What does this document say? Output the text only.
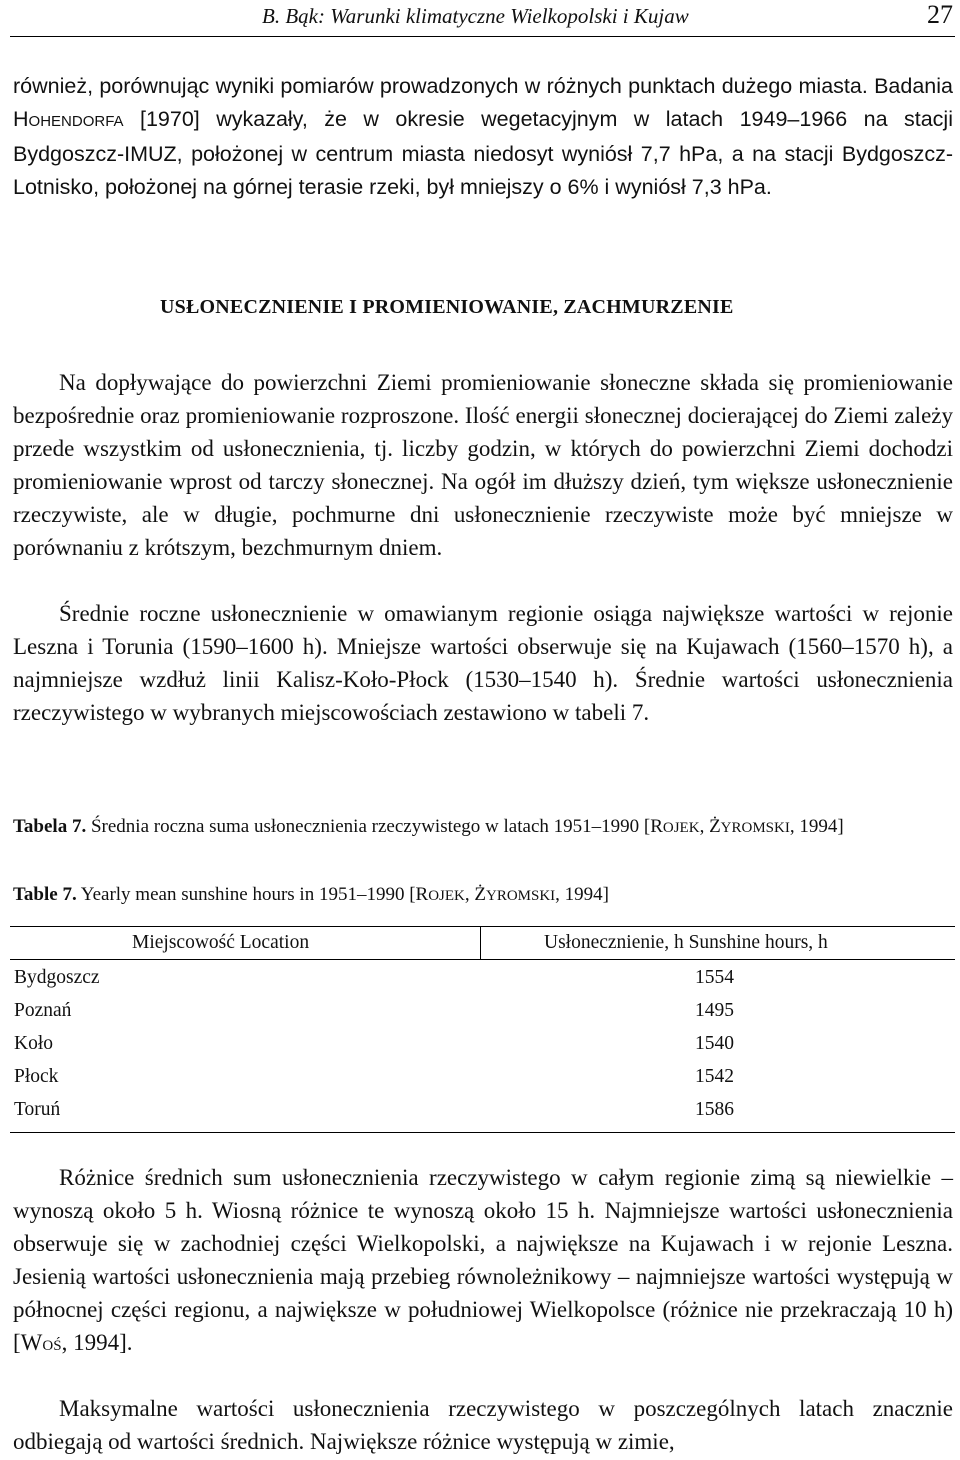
B. Bąk: Warunki klimatyczne Wielkopolski i Kujaw	27

również, porównując wyniki pomiarów prowadzonych w różnych punktach dużego miasta. Badania HOHENDORFA [1970] wykazały, że w okresie wegetacyjnym w latach 1949–1966 na stacji Bydgoszcz-IMUZ, położonej w centrum miasta niedosyt wyniósł 7,7 hPa, a na stacji Bydgoszcz-Lotnisko, położonej na górnej terasie rzeki, był mniejszy o 6% i wyniósł 7,3 hPa.

USŁONECZNIENIE I PROMIENIOWANIE, ZACHMURZENIE

Na dopływające do powierzchni Ziemi promieniowanie słoneczne składa się promieniowanie bezpośrednie oraz promieniowanie rozproszone. Ilość energii słonecznej docierającej do Ziemi zależy przede wszystkim od usłonecznienia, tj. liczby godzin, w których do powierzchni Ziemi dochodzi promieniowanie wprost od tarczy słonecznej. Na ogół im dłuższy dzień, tym większe usłonecznienie rzeczywiste, ale w długie, pochmurne dni usłonecznienie rzeczywiste może być mniejsze w porównaniu z krótszym, bezchmurnym dniem.

Średnie roczne usłonecznienie w omawianym regionie osiąga największe wartości w rejonie Leszna i Torunia (1590–1600 h). Mniejsze wartości obserwuje się na Kujawach (1560–1570 h), a najmniejsze wzdłuż linii Kalisz-Koło-Płock (1530–1540 h). Średnie wartości usłonecznienia rzeczywistego w wybranych miejscowościach zestawiono w tabeli 7.

Tabela 7. Średnia roczna suma usłonecznienia rzeczywistego w latach 1951–1990 [ROJEK, ŻYROMSKI, 1994]

Table 7. Yearly mean sunshine hours in 1951–1990 [ROJEK, ŻYROMSKI, 1994]

Miejscowość Location	Usłonecznienie, h Sunshine hours, h
Bydgoszcz	1554
Poznań	1495
Koło	1540
Płock	1542
Toruń	1586

Różnice średnich sum usłonecznienia rzeczywistego w całym regionie zimą są niewielkie – wynoszą około 5 h. Wiosną różnice te wynoszą około 15 h. Najmniejsze wartości usłonecznienia obserwuje się w zachodniej części Wielkopolski, a największe na Kujawach i w rejonie Leszna. Jesienią wartości usłonecznienia mają przebieg równoleżnikowy – najmniejsze wartości występują w północnej części regionu, a największe w południowej Wielkopolsce (różnice nie przekraczają 10 h) [WOŚ, 1994].

Maksymalne wartości usłonecznienia rzeczywistego w poszczególnych latach znacznie odbiegają od wartości średnich. Największe różnice występują w zimie,
